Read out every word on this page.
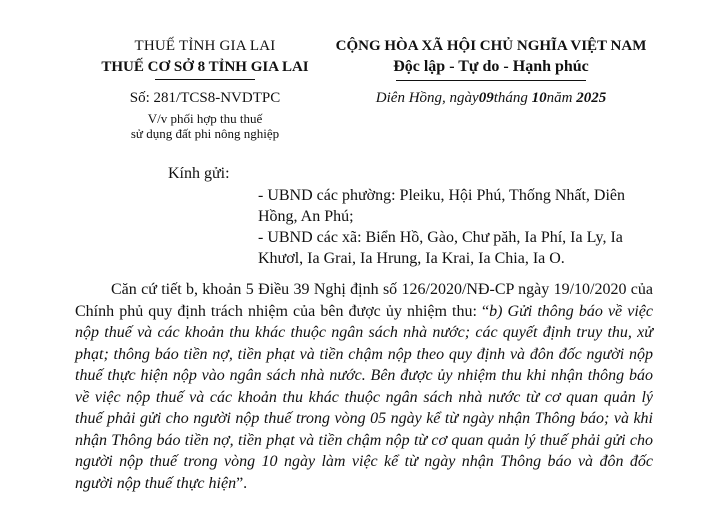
THUẾ TỈNH GIA LAI
THUẾ CƠ SỞ 8 TỈNH GIA LAI
CỘNG HÒA XÃ HỘI CHỦ NGHĨA VIỆT NAM
Độc lập - Tự do - Hạnh phúc
Số: 281/TCS8-NVDTPC
V/v phối hợp thu thuế
sử dụng đất phi nông nghiệp
Diên Hồng, ngày09tháng 10năm 2025
Kính gửi:

- UBND các phường: Pleiku, Hội Phú, Thống Nhất, Diên Hồng, An Phú;

- UBND các xã: Biển Hồ, Gào, Chư păh, Ia Phí, Ia Ly, Ia Khươl, Ia Grai, Ia Hrung, Ia Krai, Ia Chia, Ia O.

Căn cứ tiết b, khoản 5 Điều 39 Nghị định số 126/2020/NĐ-CP ngày 19/10/2020 của Chính phủ quy định trách nhiệm của bên được ủy nhiệm thu: “b) Gửi thông báo về việc nộp thuế và các khoản thu khác thuộc ngân sách nhà nước; các quyết định truy thu, xử phạt; thông báo tiền nợ, tiền phạt và tiền chậm nộp theo quy định và đôn đốc người nộp thuế thực hiện nộp vào ngân sách nhà nước. Bên được ủy nhiệm thu khi nhận thông báo về việc nộp thuế và các khoản thu khác thuộc ngân sách nhà nước từ cơ quan quản lý thuế phải gửi cho người nộp thuế trong vòng 05 ngày kể từ ngày nhận Thông báo; và khi nhận Thông báo tiền nợ, tiền phạt và tiền chậm nộp từ cơ quan quản lý thuế phải gửi cho người nộp thuế trong vòng 10 ngày làm việc kể từ ngày nhận Thông báo và đôn đốc người nộp thuế thực hiện”.
